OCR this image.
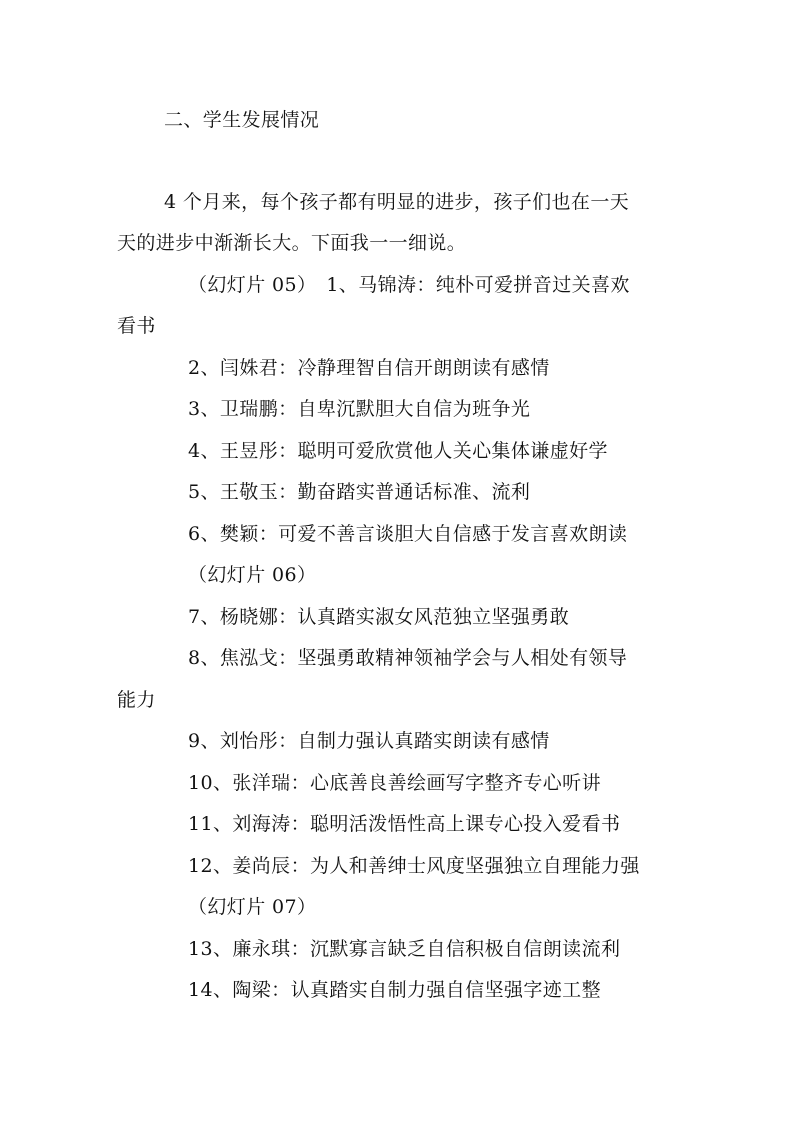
二、学生发展情况
4 个月来，每个孩子都有明显的进步，孩子们也在一天
天的进步中渐渐长大。下面我一一细说。
（幻灯片 05）　1、马锦涛：纯朴可爱拼音过关喜欢
看书
2、闫姝君：冷静理智自信开朗朗读有感情
3、卫瑞鹏：自卑沉默胆大自信为班争光
4、王昱彤：聪明可爱欣赏他人关心集体谦虚好学
5、王敬玉：勤奋踏实普通话标准、流利
6、樊颖：可爱不善言谈胆大自信感于发言喜欢朗读
（幻灯片 06）
7、杨晓娜：认真踏实淑女风范独立坚强勇敢
8、焦泓戈：坚强勇敢精神领袖学会与人相处有领导
能力
9、刘怡彤：自制力强认真踏实朗读有感情
10、张洋瑞：心底善良善绘画写字整齐专心听讲
11、刘海涛：聪明活泼悟性高上课专心投入爱看书
12、姜尚辰：为人和善绅士风度坚强独立自理能力强
（幻灯片 07）
13、廉永琪：沉默寡言缺乏自信积极自信朗读流利
14、陶梁：认真踏实自制力强自信坚强字迹工整
